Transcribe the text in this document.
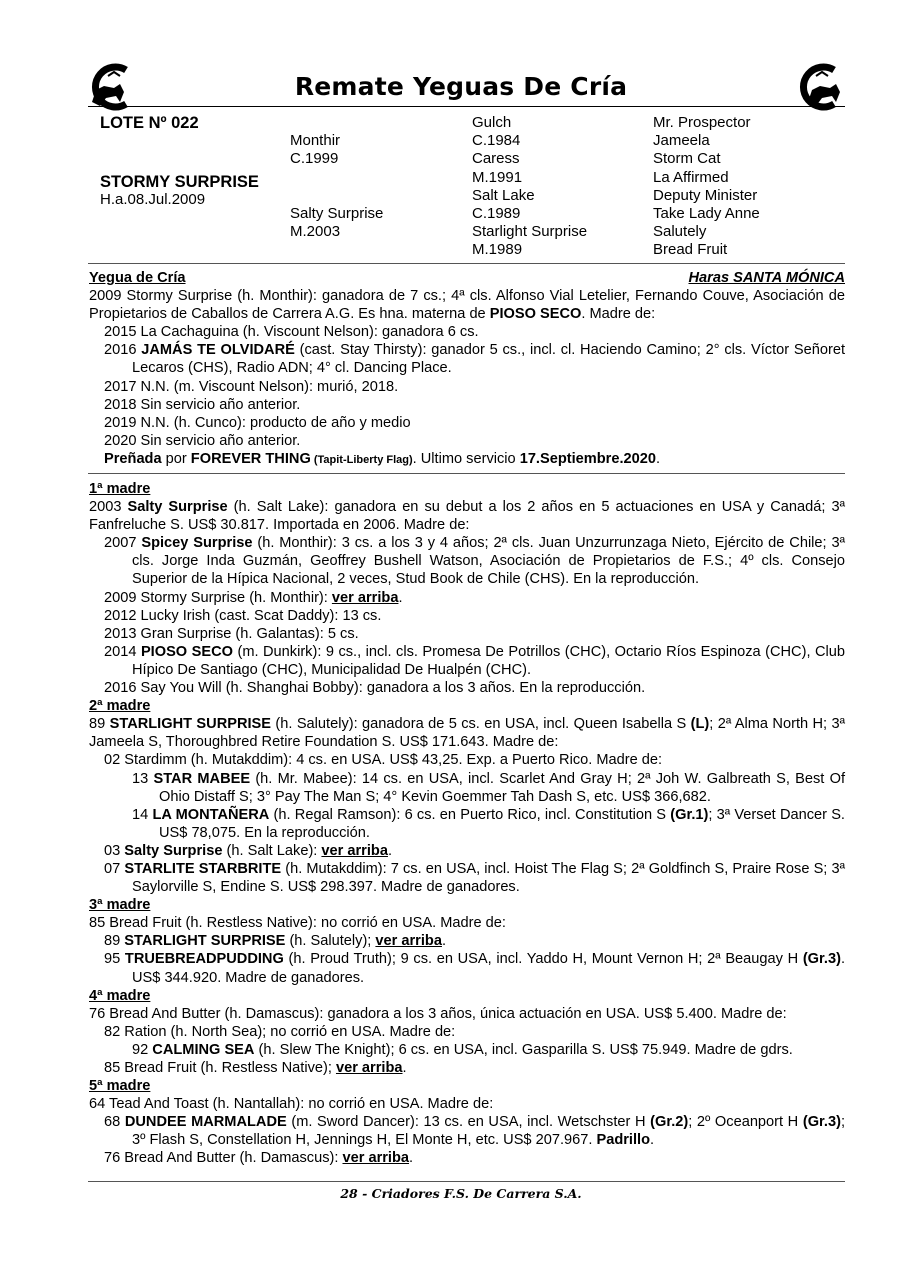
Remate Yeguas De Cría
LOTE Nº 022
STORMY SURPRISE
H.a.08.Jul.2009
Monthir
C.1999
Salty Surprise
M.2003
Gulch
C.1984
Caress
M.1991
Salt Lake
C.1989
Starlight Surprise
M.1989
Mr. Prospector
Jameela
Storm Cat
La Affirmed
Deputy Minister
Take Lady Anne
Salutely
Bread Fruit
Yegua de Cría	Haras SANTA MÓNICA

2009 Stormy Surprise (h. Monthir): ganadora de 7 cs.; 4ª cls. Alfonso Vial Letelier, Fernando Couve, Asociación de Propietarios de Caballos de Carrera A.G. Es hna. materna de PIOSO SECO. Madre de:

2015 La Cachaguina (h. Viscount Nelson): ganadora 6 cs.

2016 JAMÁS TE OLVIDARÉ (cast. Stay Thirsty): ganador 5 cs., incl. cl. Haciendo Camino; 2° cls. Víctor Señoret Lecaros (CHS), Radio ADN; 4° cl. Dancing Place.

2017 N.N. (m. Viscount Nelson): murió, 2018.

2018 Sin servicio año anterior.

2019 N.N. (h. Cunco): producto de año y medio

2020 Sin servicio año anterior.

Preñada por FOREVER THING (Tapit-Liberty Flag). Ultimo servicio 17.Septiembre.2020.

1ª madre

2003 Salty Surprise (h. Salt Lake): ganadora en su debut a los 2 años en 5 actuaciones en USA y Canadá; 3ª Fanfreluche S. US$ 30.817. Importada en 2006. Madre de:

2007 Spicey Surprise (h. Monthir): 3 cs. a los 3 y 4 años; 2ª cls. Juan Unzurrunzaga Nieto, Ejército de Chile; 3ª cls. Jorge Inda Guzmán, Geoffrey Bushell Watson, Asociación de Propietarios de F.S.; 4º cls. Consejo Superior de la Hípica Nacional, 2 veces, Stud Book de Chile (CHS). En la reproducción.

2009 Stormy Surprise (h. Monthir): ver arriba.

2012 Lucky Irish (cast. Scat Daddy): 13 cs.

2013 Gran Surprise (h. Galantas): 5 cs.

2014 PIOSO SECO (m. Dunkirk): 9 cs., incl. cls. Promesa De Potrillos (CHC), Octario Ríos Espinoza (CHC), Club Hípico De Santiago (CHC), Municipalidad De Hualpén (CHC).

2016 Say You Will (h. Shanghai Bobby): ganadora a los 3 años. En la reproducción.

2ª madre

89 STARLIGHT SURPRISE (h. Salutely): ganadora de 5 cs. en USA, incl. Queen Isabella S (L); 2ª Alma North H; 3ª Jameela S, Thoroughbred Retire Foundation S. US$ 171.643. Madre de:

02 Stardimm (h. Mutakddim): 4 cs. en USA. US$ 43,25. Exp. a Puerto Rico. Madre de:

13 STAR MABEE (h. Mr. Mabee): 14 cs. en USA, incl. Scarlet And Gray H; 2ª Joh W. Galbreath S, Best Of Ohio Distaff S; 3° Pay The Man S; 4° Kevin Goemmer Tah Dash S, etc. US$ 366,682.

14 LA MONTAÑERA (h. Regal Ramson): 6 cs. en Puerto Rico, incl. Constitution S (Gr.1); 3ª Verset Dancer S. US$ 78,075. En la reproducción.

03 Salty Surprise (h. Salt Lake): ver arriba.

07 STARLITE STARBRITE (h. Mutakddim): 7 cs. en USA, incl. Hoist The Flag S; 2ª Goldfinch S, Praire Rose S; 3ª Saylorville S, Endine S. US$ 298.397. Madre de ganadores.

3ª madre

85 Bread Fruit (h. Restless Native): no corrió en USA. Madre de:

89 STARLIGHT SURPRISE (h. Salutely); ver arriba.

95 TRUEBREADPUDDING (h. Proud Truth); 9 cs. en USA, incl. Yaddo H, Mount Vernon H; 2ª Beaugay H (Gr.3). US$ 344.920. Madre de ganadores.

4ª madre

76 Bread And Butter (h. Damascus): ganadora a los 3 años, única actuación en USA. US$ 5.400. Madre de:

82 Ration (h. North Sea); no corrió en USA. Madre de:

92 CALMING SEA (h. Slew The Knight); 6 cs. en USA, incl. Gasparilla S. US$ 75.949. Madre de gdrs.

85 Bread Fruit (h. Restless Native); ver arriba.

5ª madre

64 Tead And Toast (h. Nantallah): no corrió en USA. Madre de:

68 DUNDEE MARMALADE (m. Sword Dancer): 13 cs. en USA, incl. Wetschster H (Gr.2); 2º Oceanport H (Gr.3); 3º Flash S, Constellation H, Jennings H, El Monte H, etc. US$ 207.967. Padrillo.

76 Bread And Butter (h. Damascus): ver arriba.

28 - Criadores F.S. De Carrera S.A.
